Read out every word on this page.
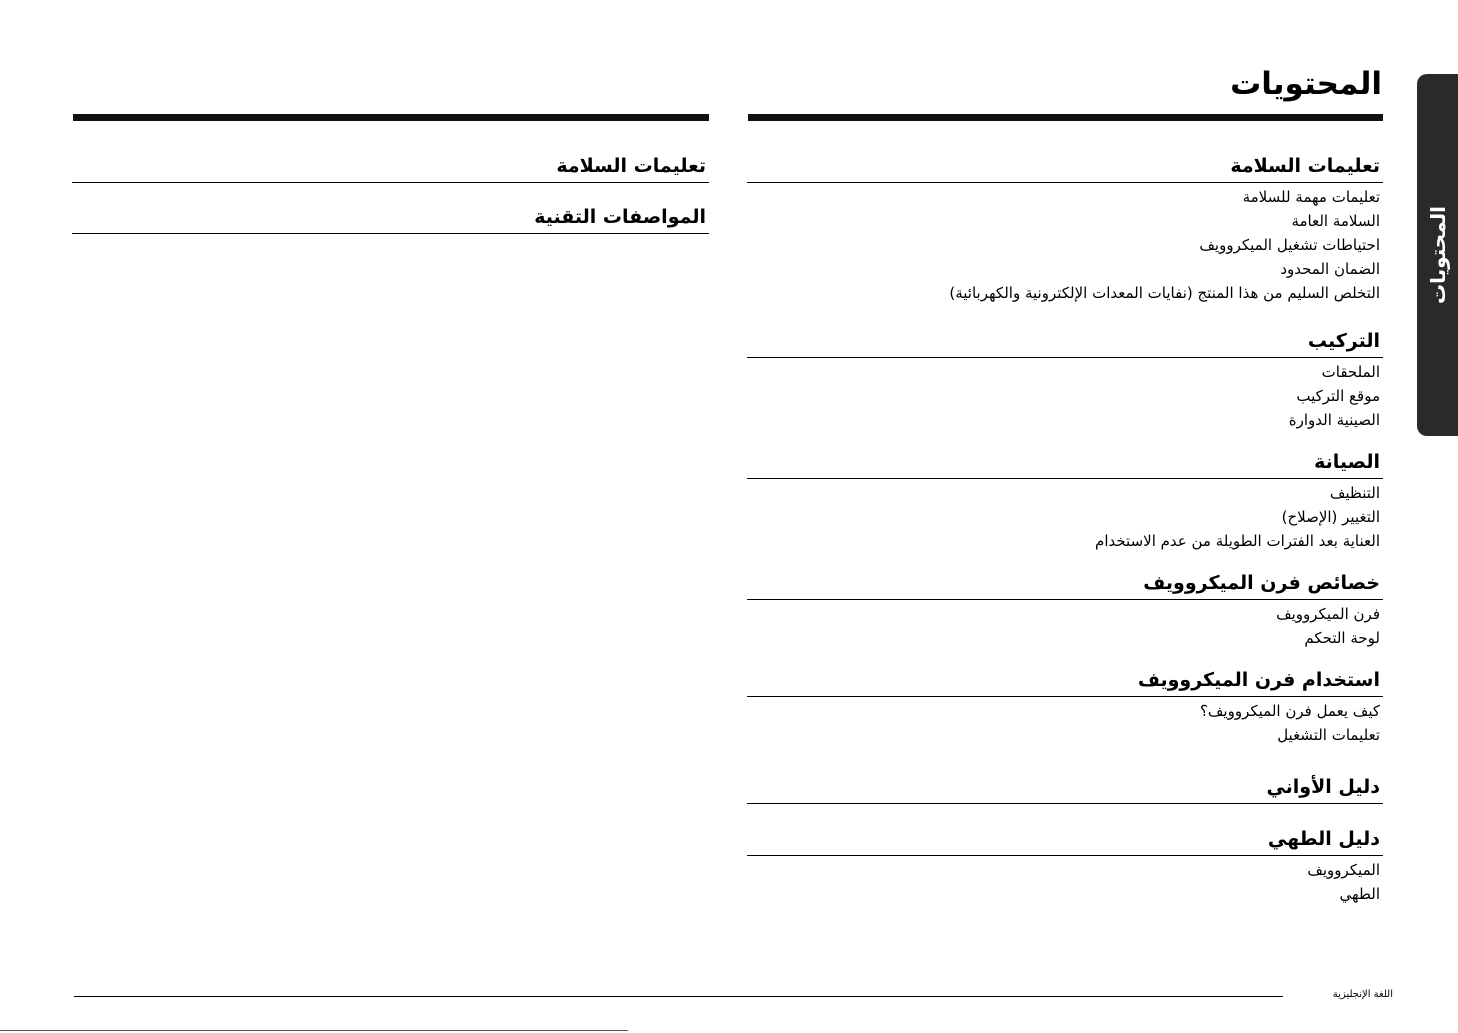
المحتويات
المحتويات
تعليمات السلامة
تعليمات مهمة للسلامة
السلامة العامة
احتياطات تشغيل الميكروويف
الضمان المحدود
التخلص السليم من هذا المنتج (نفايات المعدات الإلكترونية والكهربائية)
التركيب
الملحقات
موقع التركيب
الصينية الدوارة
الصيانة
التنظيف
التغيير (الإصلاح)
العناية بعد الفترات الطويلة من عدم الاستخدام
خصائص فرن الميكروويف
فرن الميكروويف
لوحة التحكم
استخدام فرن الميكروويف
كيف يعمل فرن الميكروويف؟
تعليمات التشغيل
دليل الأواني
دليل الطهي
الميكروويف
الطهي
تعليمات السلامة
المواصفات التقنية
اللغة الإنجليزية
